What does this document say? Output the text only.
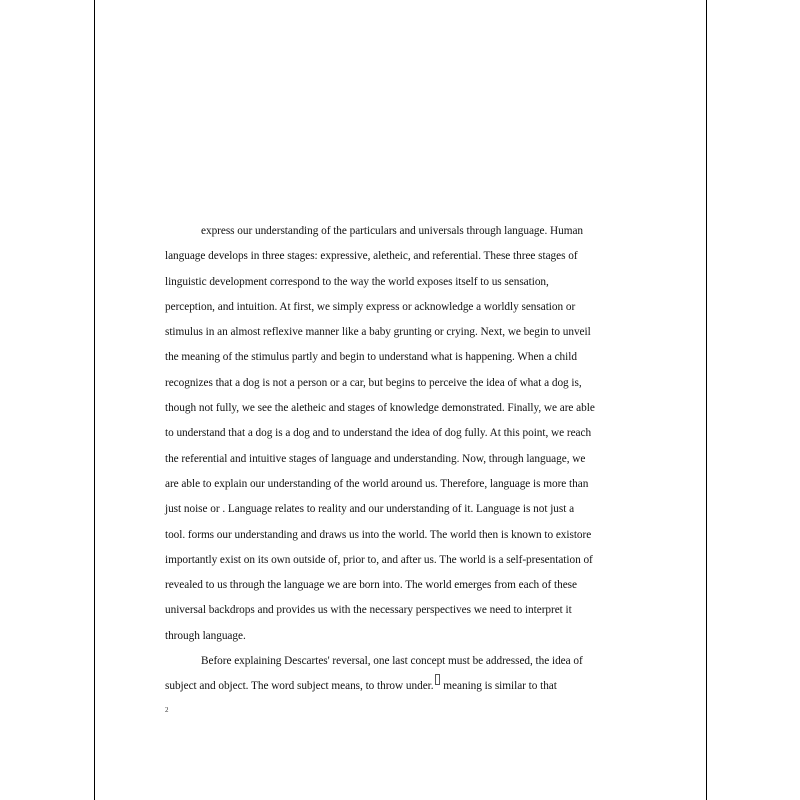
express our understanding of the particulars and universals through language. Human
language develops in three stages: expressive, aletheic, and referential. These three stages of
linguistic development correspond to the way the world exposes itself to us sensation,
perception, and intuition. At first, we simply express or acknowledge a worldly sensation or
stimulus in an almost reflexive manner like a baby grunting or crying. Next, we begin to unveil
the meaning of the stimulus partly and begin to understand what is happening. When a child
recognizes that a dog is not a person or a car, but begins to perceive the idea of what a dog is,
though not fully, we see the aletheic and stages of knowledge demonstrated. Finally, we are able
to understand that a dog is a dog and to understand the idea of dog fully. At this point, we reach
the referential and intuitive stages of language and understanding. Now, through language, we
are able to explain our understanding of the world around us. Therefore, language is more than
just noise or . Language relates to reality and our understanding of it. Language is not just a
tool. forms our understanding and draws us into the world. The world then is known to existore
importantly exist on its own outside of, prior to, and after us. The world is a self-presentation of
revealed to us through the language we are born into. The world emerges from each of these
universal backdrops and provides us with the necessary perspectives we need to interpret it
through language.
Before explaining Descartes' reversal, one last concept must be addressed, the idea of
subject and object. The word subject means, to throw under. meaning is similar to that
2
